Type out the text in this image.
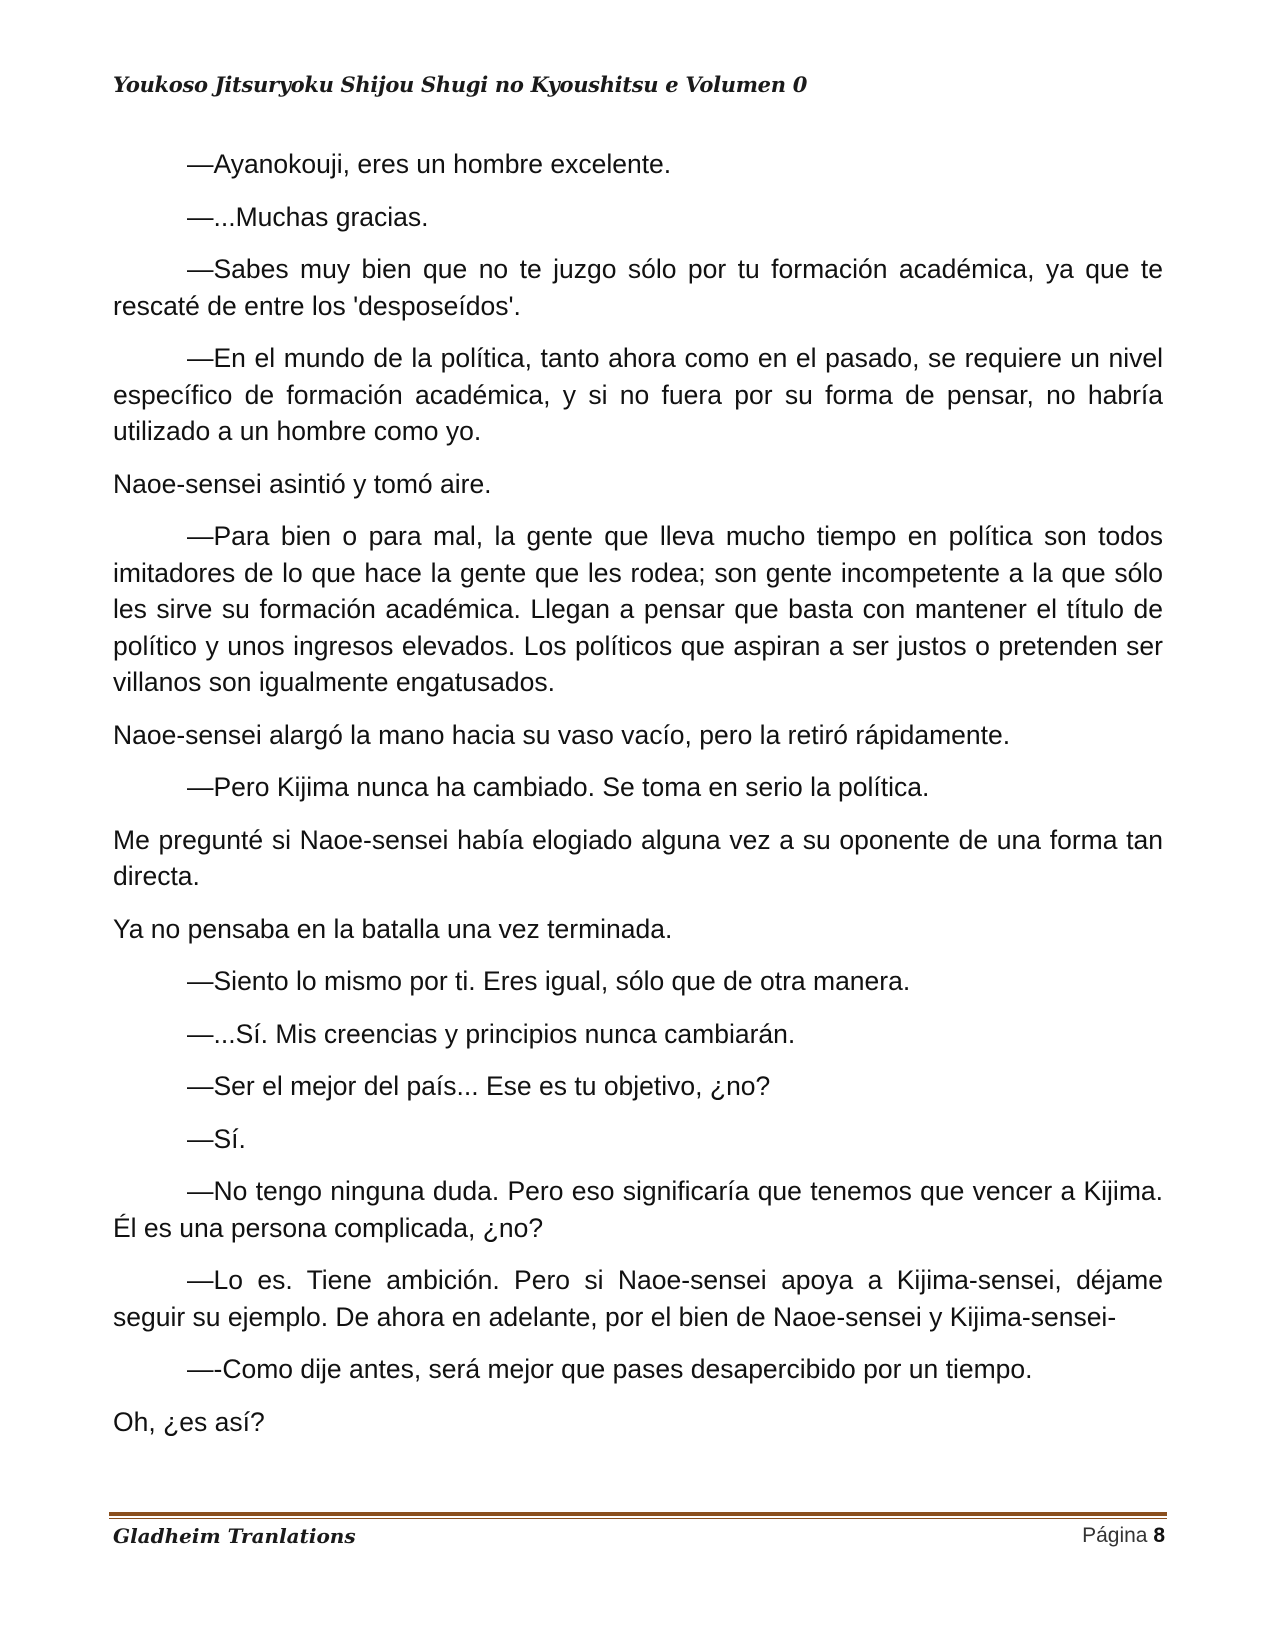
Youkoso Jitsuryoku Shijou Shugi no Kyoushitsu e Volumen 0

—Ayanokouji, eres un hombre excelente.

—...Muchas gracias.

—Sabes muy bien que no te juzgo sólo por tu formación académica, ya que te rescaté de entre los 'desposeídos'.

—En el mundo de la política, tanto ahora como en el pasado, se requiere un nivel específico de formación académica, y si no fuera por su forma de pensar, no habría utilizado a un hombre como yo.

Naoe-sensei asintió y tomó aire.

—Para bien o para mal, la gente que lleva mucho tiempo en política son todos imitadores de lo que hace la gente que les rodea; son gente incompetente a la que sólo les sirve su formación académica. Llegan a pensar que basta con mantener el título de político y unos ingresos elevados. Los políticos que aspiran a ser justos o pretenden ser villanos son igualmente engatusados.

Naoe-sensei alargó la mano hacia su vaso vacío, pero la retiró rápidamente.

—Pero Kijima nunca ha cambiado. Se toma en serio la política.

Me pregunté si Naoe-sensei había elogiado alguna vez a su oponente de una forma tan directa.

Ya no pensaba en la batalla una vez terminada.

—Siento lo mismo por ti. Eres igual, sólo que de otra manera.

—...Sí. Mis creencias y principios nunca cambiarán.

—Ser el mejor del país... Ese es tu objetivo, ¿no?

—Sí.

—No tengo ninguna duda. Pero eso significaría que tenemos que vencer a Kijima. Él es una persona complicada, ¿no?

—Lo es. Tiene ambición. Pero si Naoe-sensei apoya a Kijima-sensei, déjame seguir su ejemplo. De ahora en adelante, por el bien de Naoe-sensei y Kijima-sensei-

—-Como dije antes, será mejor que pases desapercibido por un tiempo.

Oh, ¿es así?

Gladheim Tranlations	Página 8
